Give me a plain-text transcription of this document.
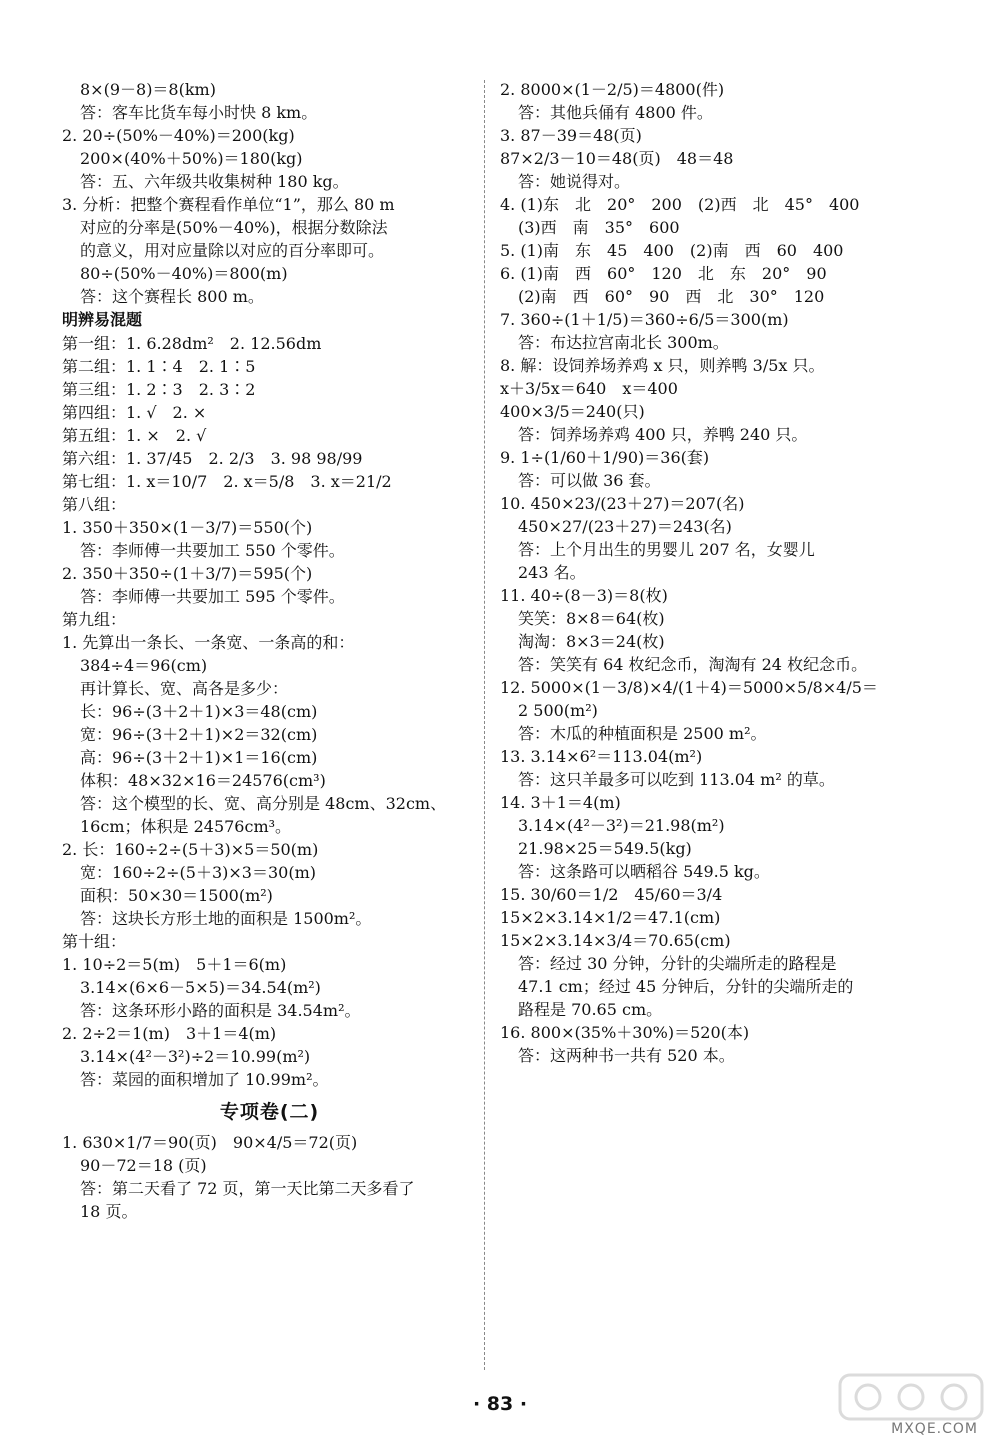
8×(9－8)＝8(km)
答：客车比货车每小时快 8 km。
2. 20÷(50%－40%)＝200(kg)
200×(40%＋50%)＝180(kg)
答：五、六年级共收集树种 180 kg。
3. 分析：把整个赛程看作单位“1”，那么 80 m
对应的分率是(50%－40%)，根据分数除法
的意义，用对应量除以对应的百分率即可。
80÷(50%－40%)＝800(m)
答：这个赛程长 800 m。
明辨易混题
第一组：1. 6.28dm²　2. 12.56dm
第二组：1. 1∶4　2. 1∶5
第三组：1. 2∶3　2. 3∶2
第四组：1. √　2. ×
第五组：1. ×　2. √
第六组：1. 37/45　2. 2/3　3. 98 98/99
第七组：1. x＝10/7　2. x＝5/8　3. x＝21/2
第八组：
1. 350＋350×(1－3/7)＝550(个)
答：李师傅一共要加工 550 个零件。
2. 350＋350÷(1＋3/7)＝595(个)
答：李师傅一共要加工 595 个零件。
第九组：
1. 先算出一条长、一条宽、一条高的和：
384÷4＝96(cm)
再计算长、宽、高各是多少：
长：96÷(3＋2＋1)×3＝48(cm)
宽：96÷(3＋2＋1)×2＝32(cm)
高：96÷(3＋2＋1)×1＝16(cm)
体积：48×32×16＝24576(cm³)
答：这个模型的长、宽、高分别是 48cm、32cm、
16cm；体积是 24576cm³。
2. 长：160÷2÷(5＋3)×5＝50(m)
宽：160÷2÷(5＋3)×3＝30(m)
面积：50×30＝1500(m²)
答：这块长方形土地的面积是 1500m²。
第十组：
1. 10÷2＝5(m)　5＋1＝6(m)
3.14×(6×6－5×5)＝34.54(m²)
答：这条环形小路的面积是 34.54m²。
2. 2÷2＝1(m)　3＋1＝4(m)
3.14×(4²－3²)÷2＝10.99(m²)
答：菜园的面积增加了 10.99m²。
专项卷(二)
1. 630×1/7＝90(页)　90×4/5＝72(页)
90－72＝18 (页)
答：第二天看了 72 页，第一天比第二天多看了
18 页。
2. 8000×(1－2/5)＝4800(件)
答：其他兵俑有 4800 件。
3. 87－39＝48(页)
87×2/3－10＝48(页)　48＝48
答：她说得对。
4. (1)东　北　20°　200　(2)西　北　45°　400
(3)西　南　35°　600
5. (1)南　东　45　400　(2)南　西　60　400
6. (1)南　西　60°　120　北　东　20°　90
(2)南　西　60°　90　西　北　30°　120
7. 360÷(1＋1/5)＝360÷6/5＝300(m)
答：布达拉宫南北长 300m。
8. 解：设饲养场养鸡 x 只，则养鸭 3/5x 只。
x＋3/5x＝640　x＝400
400×3/5＝240(只)
答：饲养场养鸡 400 只，养鸭 240 只。
9. 1÷(1/60＋1/90)＝36(套)
答：可以做 36 套。
10. 450×23/(23＋27)＝207(名)
450×27/(23＋27)＝243(名)
答：上个月出生的男婴儿 207 名，女婴儿
243 名。
11. 40÷(8－3)＝8(枚)
笑笑：8×8＝64(枚)
淘淘：8×3＝24(枚)
答：笑笑有 64 枚纪念币，淘淘有 24 枚纪念币。
12. 5000×(1－3/8)×4/(1＋4)＝5000×5/8×4/5＝
2 500(m²)
答：木瓜的种植面积是 2500 m²。
13. 3.14×6²＝113.04(m²)
答：这只羊最多可以吃到 113.04 m² 的草。
14. 3＋1＝4(m)
3.14×(4²－3²)＝21.98(m²)
21.98×25＝549.5(kg)
答：这条路可以晒稻谷 549.5 kg。
15. 30/60＝1/2　45/60＝3/4
15×2×3.14×1/2＝47.1(cm)
15×2×3.14×3/4＝70.65(cm)
答：经过 30 分钟，分针的尖端所走的路程是
47.1 cm；经过 45 分钟后，分针的尖端所走的
路程是 70.65 cm。
16. 800×(35%＋30%)＝520(本)
答：这两种书一共有 520 本。
· 83 ·
MXQE.COM
